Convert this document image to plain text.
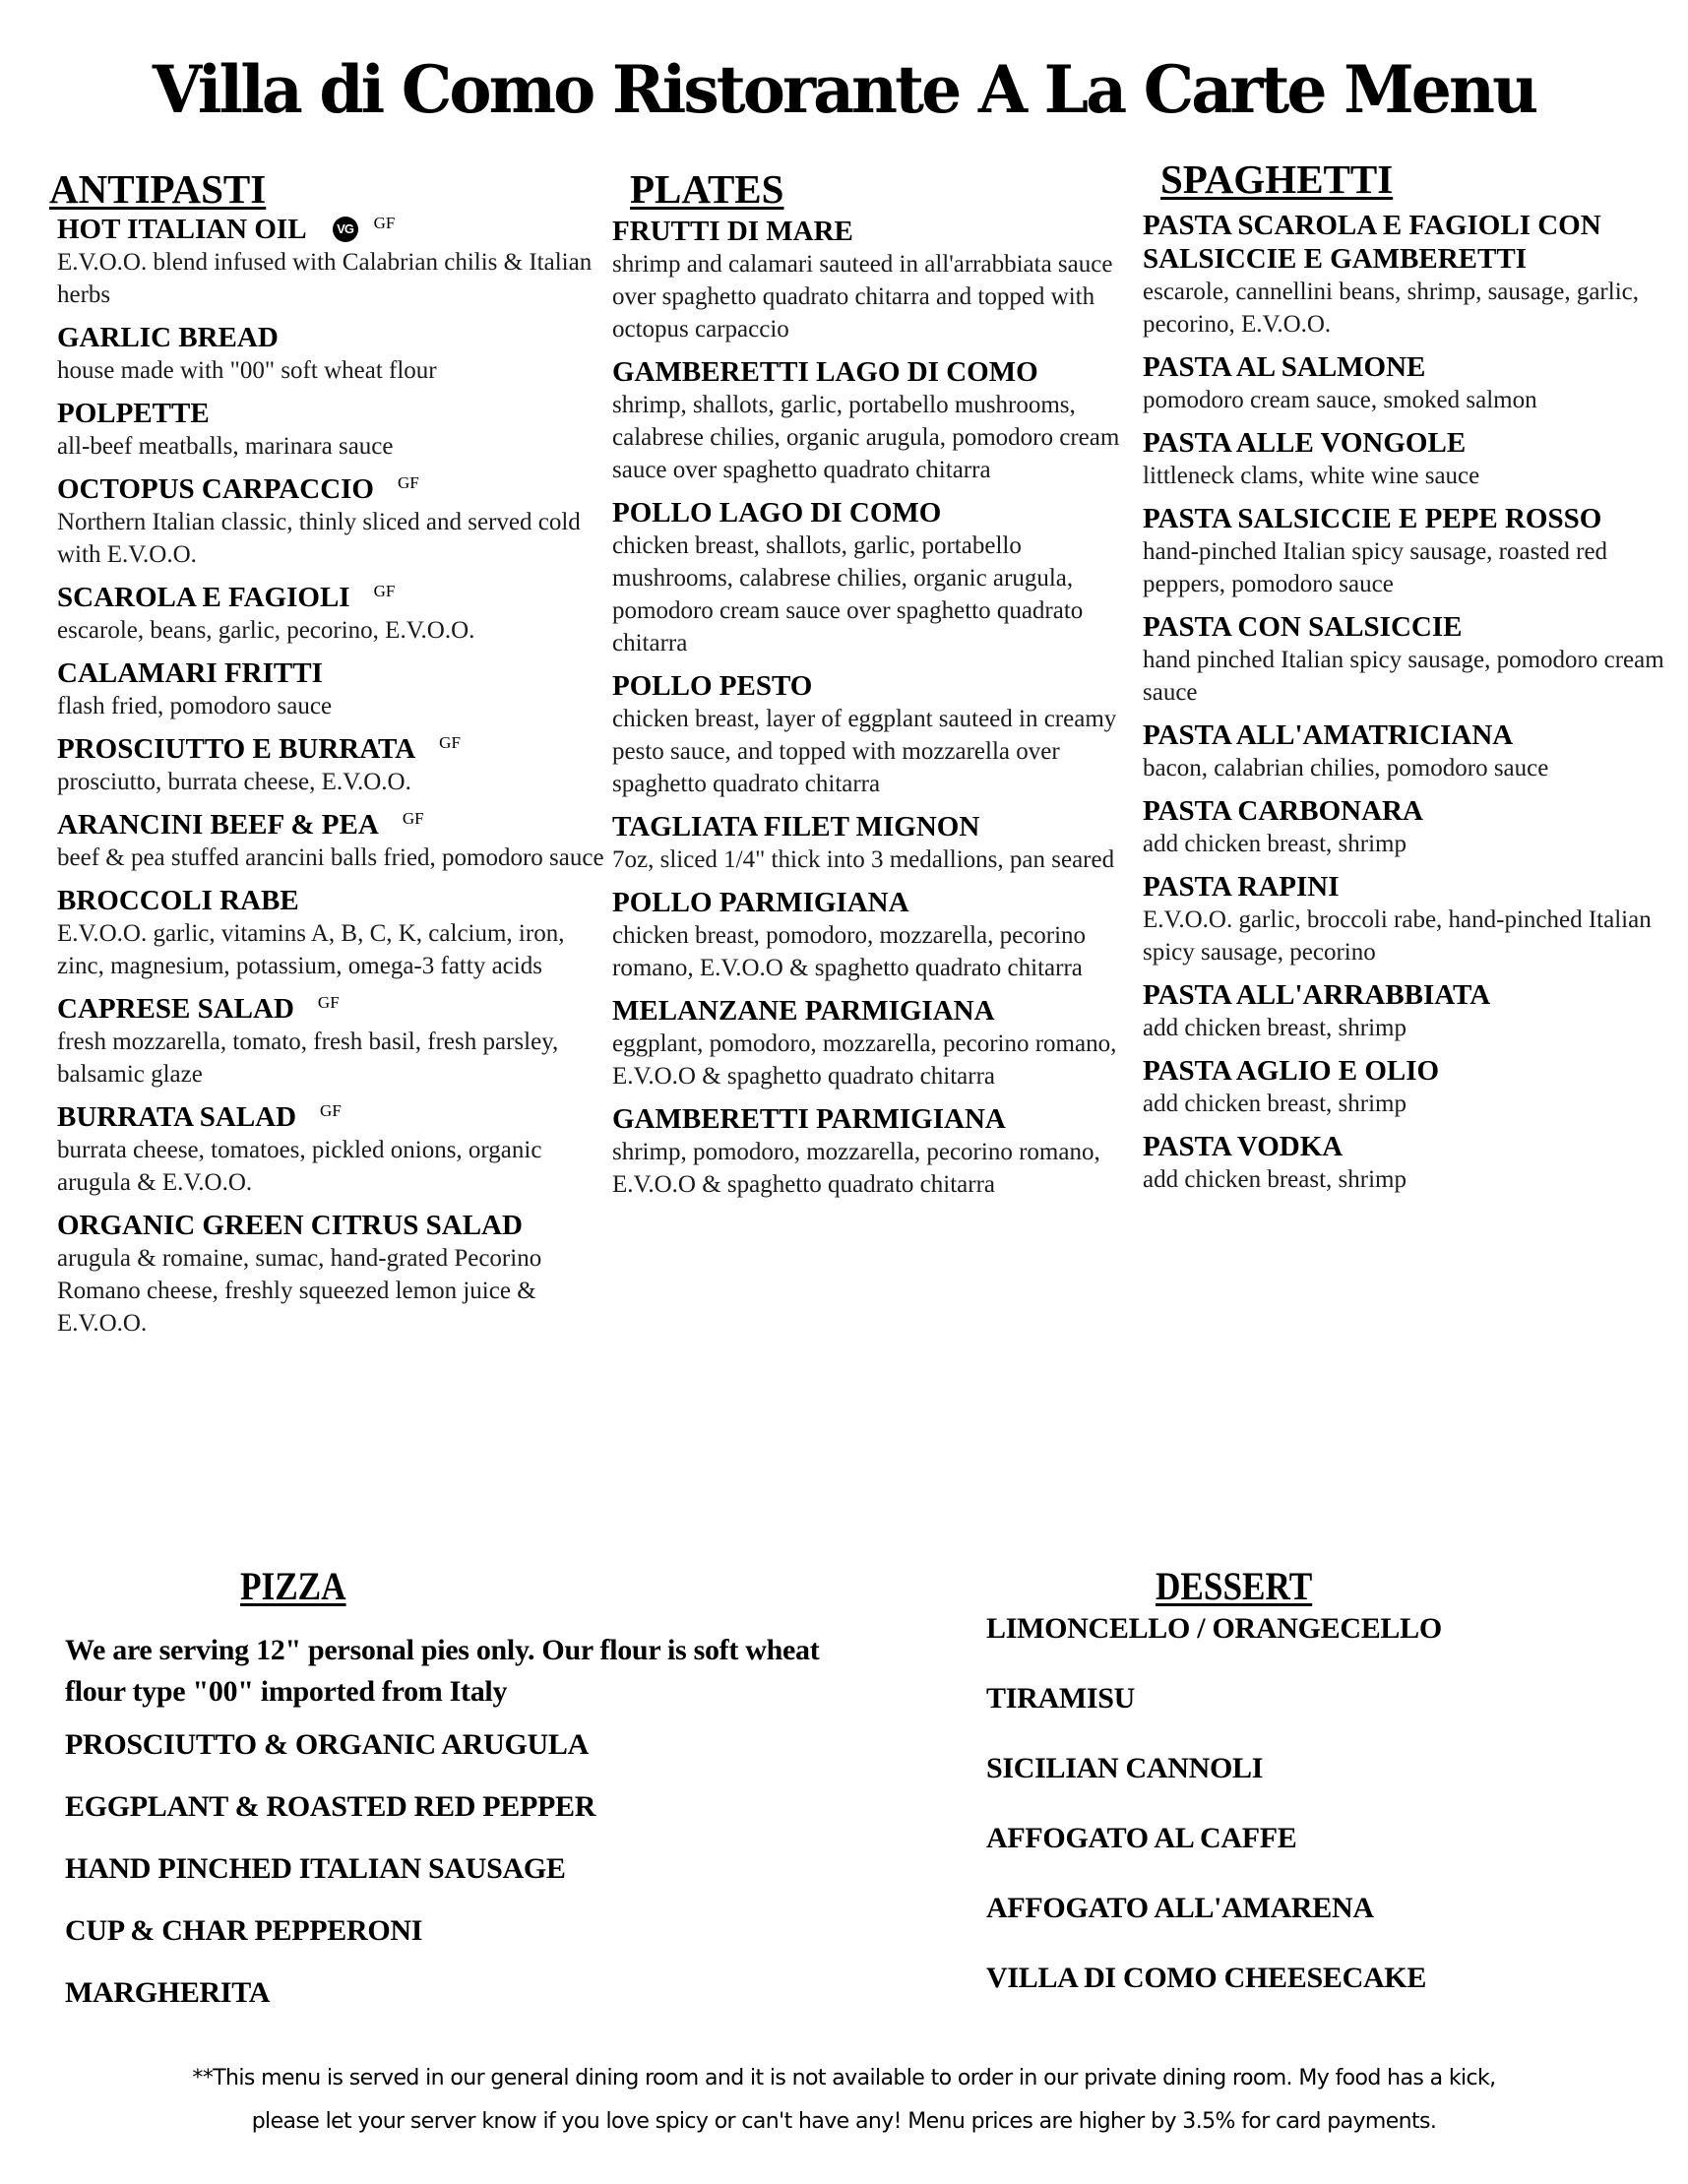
Villa di Como Ristorante A La Carte Menu
ANTIPASTI
HOT ITALIAN OIL	VG GF
E.V.O.O. blend infused with Calabrian chilis & Italian herbs
GARLIC BREAD
house made with "00" soft wheat flour
POLPETTE
all-beef meatballs, marinara sauce
OCTOPUS CARPACCIO GF
Northern Italian classic, thinly sliced and served cold with E.V.O.O.
SCAROLA E FAGIOLI GF
escarole, beans, garlic, pecorino, E.V.O.O.
CALAMARI FRITTI
flash fried, pomodoro sauce
PROSCIUTTO E BURRATA GF
prosciutto, burrata cheese, E.V.O.O.
ARANCINI BEEF & PEA GF
beef & pea stuffed arancini balls fried, pomodoro sauce
BROCCOLI RABE
E.V.O.O. garlic, vitamins A, B, C, K, calcium, iron, zinc, magnesium, potassium, omega-3 fatty acids
CAPRESE SALAD GF
fresh mozzarella, tomato, fresh basil, fresh parsley, balsamic glaze
BURRATA SALAD GF
burrata cheese, tomatoes, pickled onions, organic arugula & E.V.O.O.
ORGANIC GREEN CITRUS SALAD
arugula & romaine, sumac, hand-grated Pecorino Romano cheese, freshly squeezed lemon juice & E.V.O.O.
PLATES
FRUTTI DI MARE
shrimp and calamari sauteed in all'arrabbiata sauce over spaghetto quadrato chitarra and topped with octopus carpaccio
GAMBERETTI LAGO DI COMO
shrimp, shallots, garlic, portabello mushrooms, calabrese chilies, organic arugula, pomodoro cream sauce over spaghetto quadrato chitarra
POLLO LAGO DI COMO
chicken breast, shallots, garlic, portabello mushrooms, calabrese chilies, organic arugula, pomodoro cream sauce over spaghetto quadrato chitarra
POLLO PESTO
chicken breast, layer of eggplant sauteed in creamy pesto sauce, and topped with mozzarella over spaghetto quadrato chitarra
TAGLIATA FILET MIGNON
7oz, sliced 1/4" thick into 3 medallions, pan seared
POLLO PARMIGIANA
chicken breast, pomodoro, mozzarella, pecorino romano, E.V.O.O & spaghetto quadrato chitarra
MELANZANE PARMIGIANA
eggplant, pomodoro, mozzarella, pecorino romano, E.V.O.O & spaghetto quadrato chitarra
GAMBERETTI PARMIGIANA
shrimp, pomodoro, mozzarella, pecorino romano, E.V.O.O & spaghetto quadrato chitarra
SPAGHETTI
PASTA SCAROLA E FAGIOLI CON SALSICCIE E GAMBERETTI
escarole, cannellini beans, shrimp, sausage, garlic, pecorino, E.V.O.O.
PASTA AL SALMONE
pomodoro cream sauce, smoked salmon
PASTA ALLE VONGOLE
littleneck clams, white wine sauce
PASTA SALSICCIE E PEPE ROSSO
hand-pinched Italian spicy sausage, roasted red peppers, pomodoro sauce
PASTA CON SALSICCIE
hand pinched Italian spicy sausage, pomodoro cream sauce
PASTA ALL'AMATRICIANA
bacon, calabrian chilies, pomodoro sauce
PASTA CARBONARA
add chicken breast, shrimp
PASTA RAPINI
E.V.O.O. garlic, broccoli rabe, hand-pinched Italian spicy sausage, pecorino
PASTA ALL'ARRABBIATA
add chicken breast, shrimp
PASTA AGLIO E OLIO
add chicken breast, shrimp
PASTA VODKA
add chicken breast, shrimp
PIZZA

We are serving 12" personal pies only. Our flour is soft wheat flour type "00" imported from Italy

PROSCIUTTO & ORGANIC ARUGULA
EGGPLANT & ROASTED RED PEPPER
HAND PINCHED ITALIAN SAUSAGE
CUP & CHAR PEPPERONI
MARGHERITA
DESSERT
LIMONCELLO / ORANGECELLO
TIRAMISU
SICILIAN CANNOLI
AFFOGATO AL CAFFE
AFFOGATO ALL'AMARENA
VILLA DI COMO CHEESECAKE
**This menu is served in our general dining room and it is not available to order in our private dining room. My food has a kick,
please let your server know if you love spicy or can't have any! Menu prices are higher by 3.5% for card payments.
